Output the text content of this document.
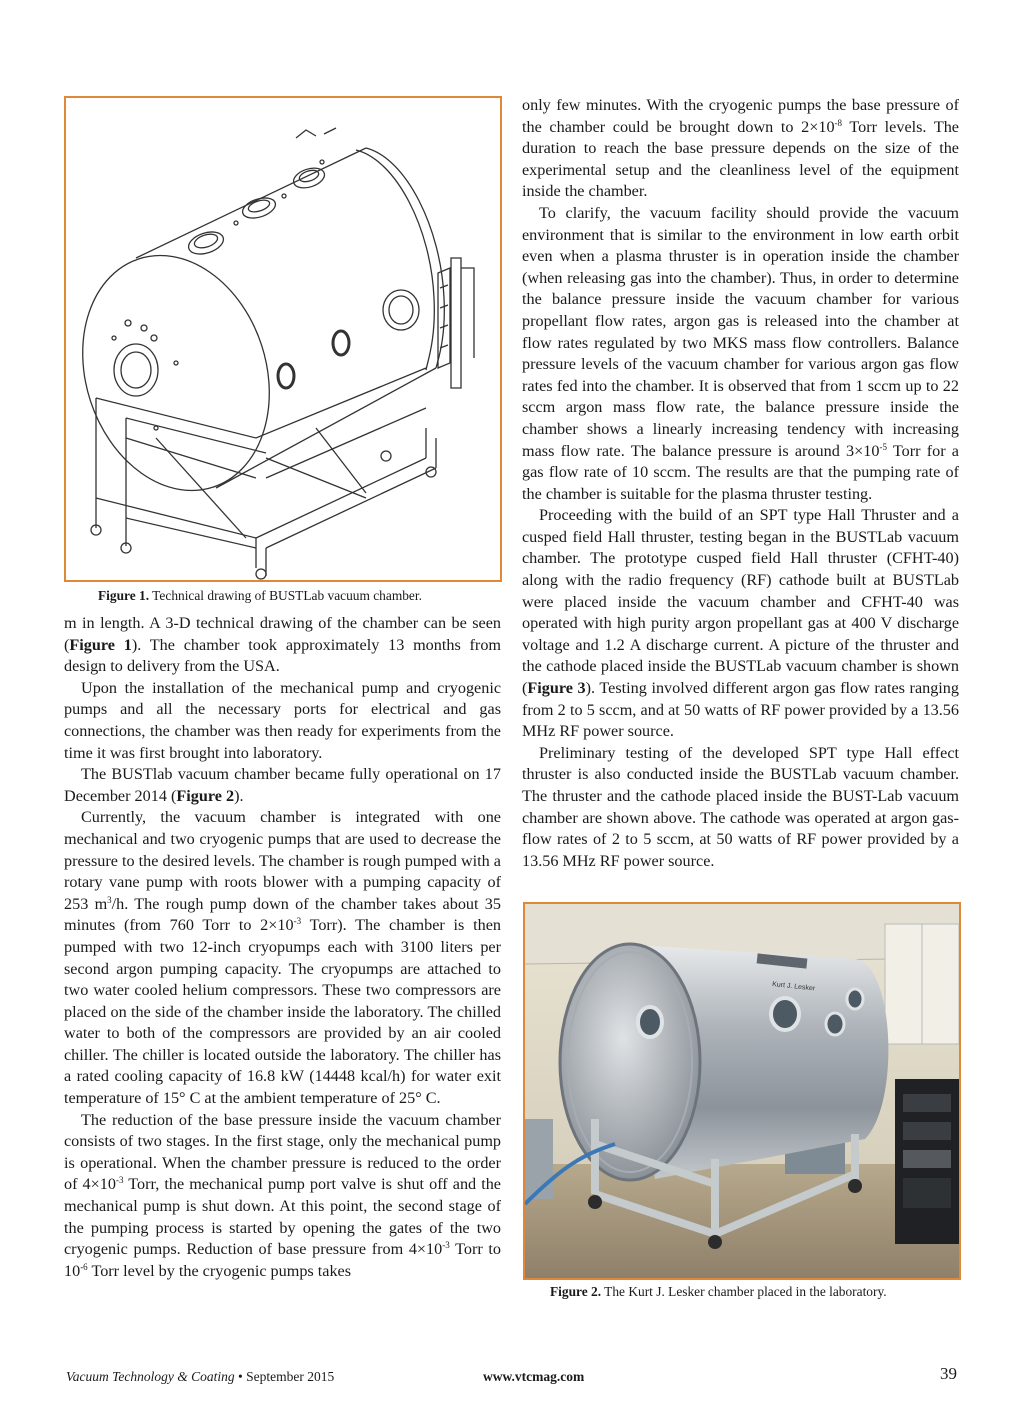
Figure 1. Technical drawing of BUSTLab vacuum chamber.

m in length. A 3-D technical drawing of the chamber can be seen (Figure 1). The chamber took approximately 13 months from design to delivery from the USA.

Upon the installation of the mechanical pump and cryogenic pumps and all the necessary ports for electrical and gas connections, the chamber was then ready for experiments from the time it was first brought into laboratory.

The BUSTlab vacuum chamber became fully operational on 17 December 2014 (Figure 2).

Currently, the vacuum chamber is integrated with one mechanical and two cryogenic pumps that are used to decrease the pressure to the desired levels. The chamber is rough pumped with a rotary vane pump with roots blower with a pumping capacity of 253 $m^3/h$. The rough pump down of the chamber takes about 35 minutes (from 760 Torr to $2\times 10^{-3}$ Torr). The chamber is then pumped with two 12-inch cryopumps each with 3100 liters per second argon pumping capacity. The cryopumps are attached to two water cooled helium compressors. These two compressors are placed on the side of the chamber inside the laboratory. The chilled water to both of the compressors are provided by an air cooled chiller. The chiller is located outside the laboratory. The chiller has a rated cooling capacity of 16.8 kW (14448 kcal/h) for water exit temperature of 15° C at the ambient temperature of 25° C.

The reduction of the base pressure inside the vacuum chamber consists of two stages. In the first stage, only the mechanical pump is operational. When the chamber pressure is reduced to the order of $4\times 10^{-3}$ Torr, the mechanical pump port valve is shut off and the mechanical pump is shut down. At this point, the second stage of the pumping process is started by opening the gates of the two cryogenic pumps. Reduction of base pressure from $4\times 10^{-3}$ Torr to $10^{-6}$ Torr level by the cryogenic pumps takes

only few minutes. With the cryogenic pumps the base pressure of the chamber could be brought down to $2\times 10^{-8}$ Torr levels. The duration to reach the base pressure depends on the size of the experimental setup and the cleanliness level of the equipment inside the chamber.

To clarify, the vacuum facility should provide the vacuum environment that is similar to the environment in low earth orbit even when a plasma thruster is in operation inside the chamber (when releasing gas into the chamber). Thus, in order to determine the balance pressure inside the vacuum chamber for various propellant flow rates, argon gas is released into the chamber at flow rates regulated by two MKS mass flow controllers. Balance pressure levels of the vacuum chamber for various argon gas flow rates fed into the chamber. It is observed that from 1 sccm up to 22 sccm argon mass flow rate, the balance pressure inside the chamber shows a linearly increasing tendency with increasing mass flow rate. The balance pressure is around $3\times 10^{-5}$ Torr for a gas flow rate of 10 sccm. The results are that the pumping rate of the chamber is suitable for the plasma thruster testing.

Proceeding with the build of an SPT type Hall Thruster and a cusped field Hall thruster, testing began in the BUSTLab vacuum chamber. The prototype cusped field Hall thruster (CFHT-40) along with the radio frequency (RF) cathode built at BUSTLab were placed inside the vacuum chamber and CFHT-40 was operated with high purity argon propellant gas at 400 V discharge voltage and 1.2 A discharge current. A picture of the thruster and the cathode placed inside the BUSTLab vacuum chamber is shown (Figure 3). Testing involved different argon gas flow rates ranging from 2 to 5 sccm, and at 50 watts of RF power provided by a 13.56 MHz RF power source.

Preliminary testing of the developed SPT type Hall effect thruster is also conducted inside the BUSTLab vacuum chamber. The thruster and the cathode placed inside the BUST-Lab vacuum chamber are shown above. The cathode was operated at argon gas-flow rates of 2 to 5 sccm, at 50 watts of RF power provided by a 13.56 MHz RF power source.

Kurt J. Lesker
Figure 2. The Kurt J. Lesker chamber placed in the laboratory.
Vacuum Technology & Coating • September 2015	www.vtcmag.com	39
